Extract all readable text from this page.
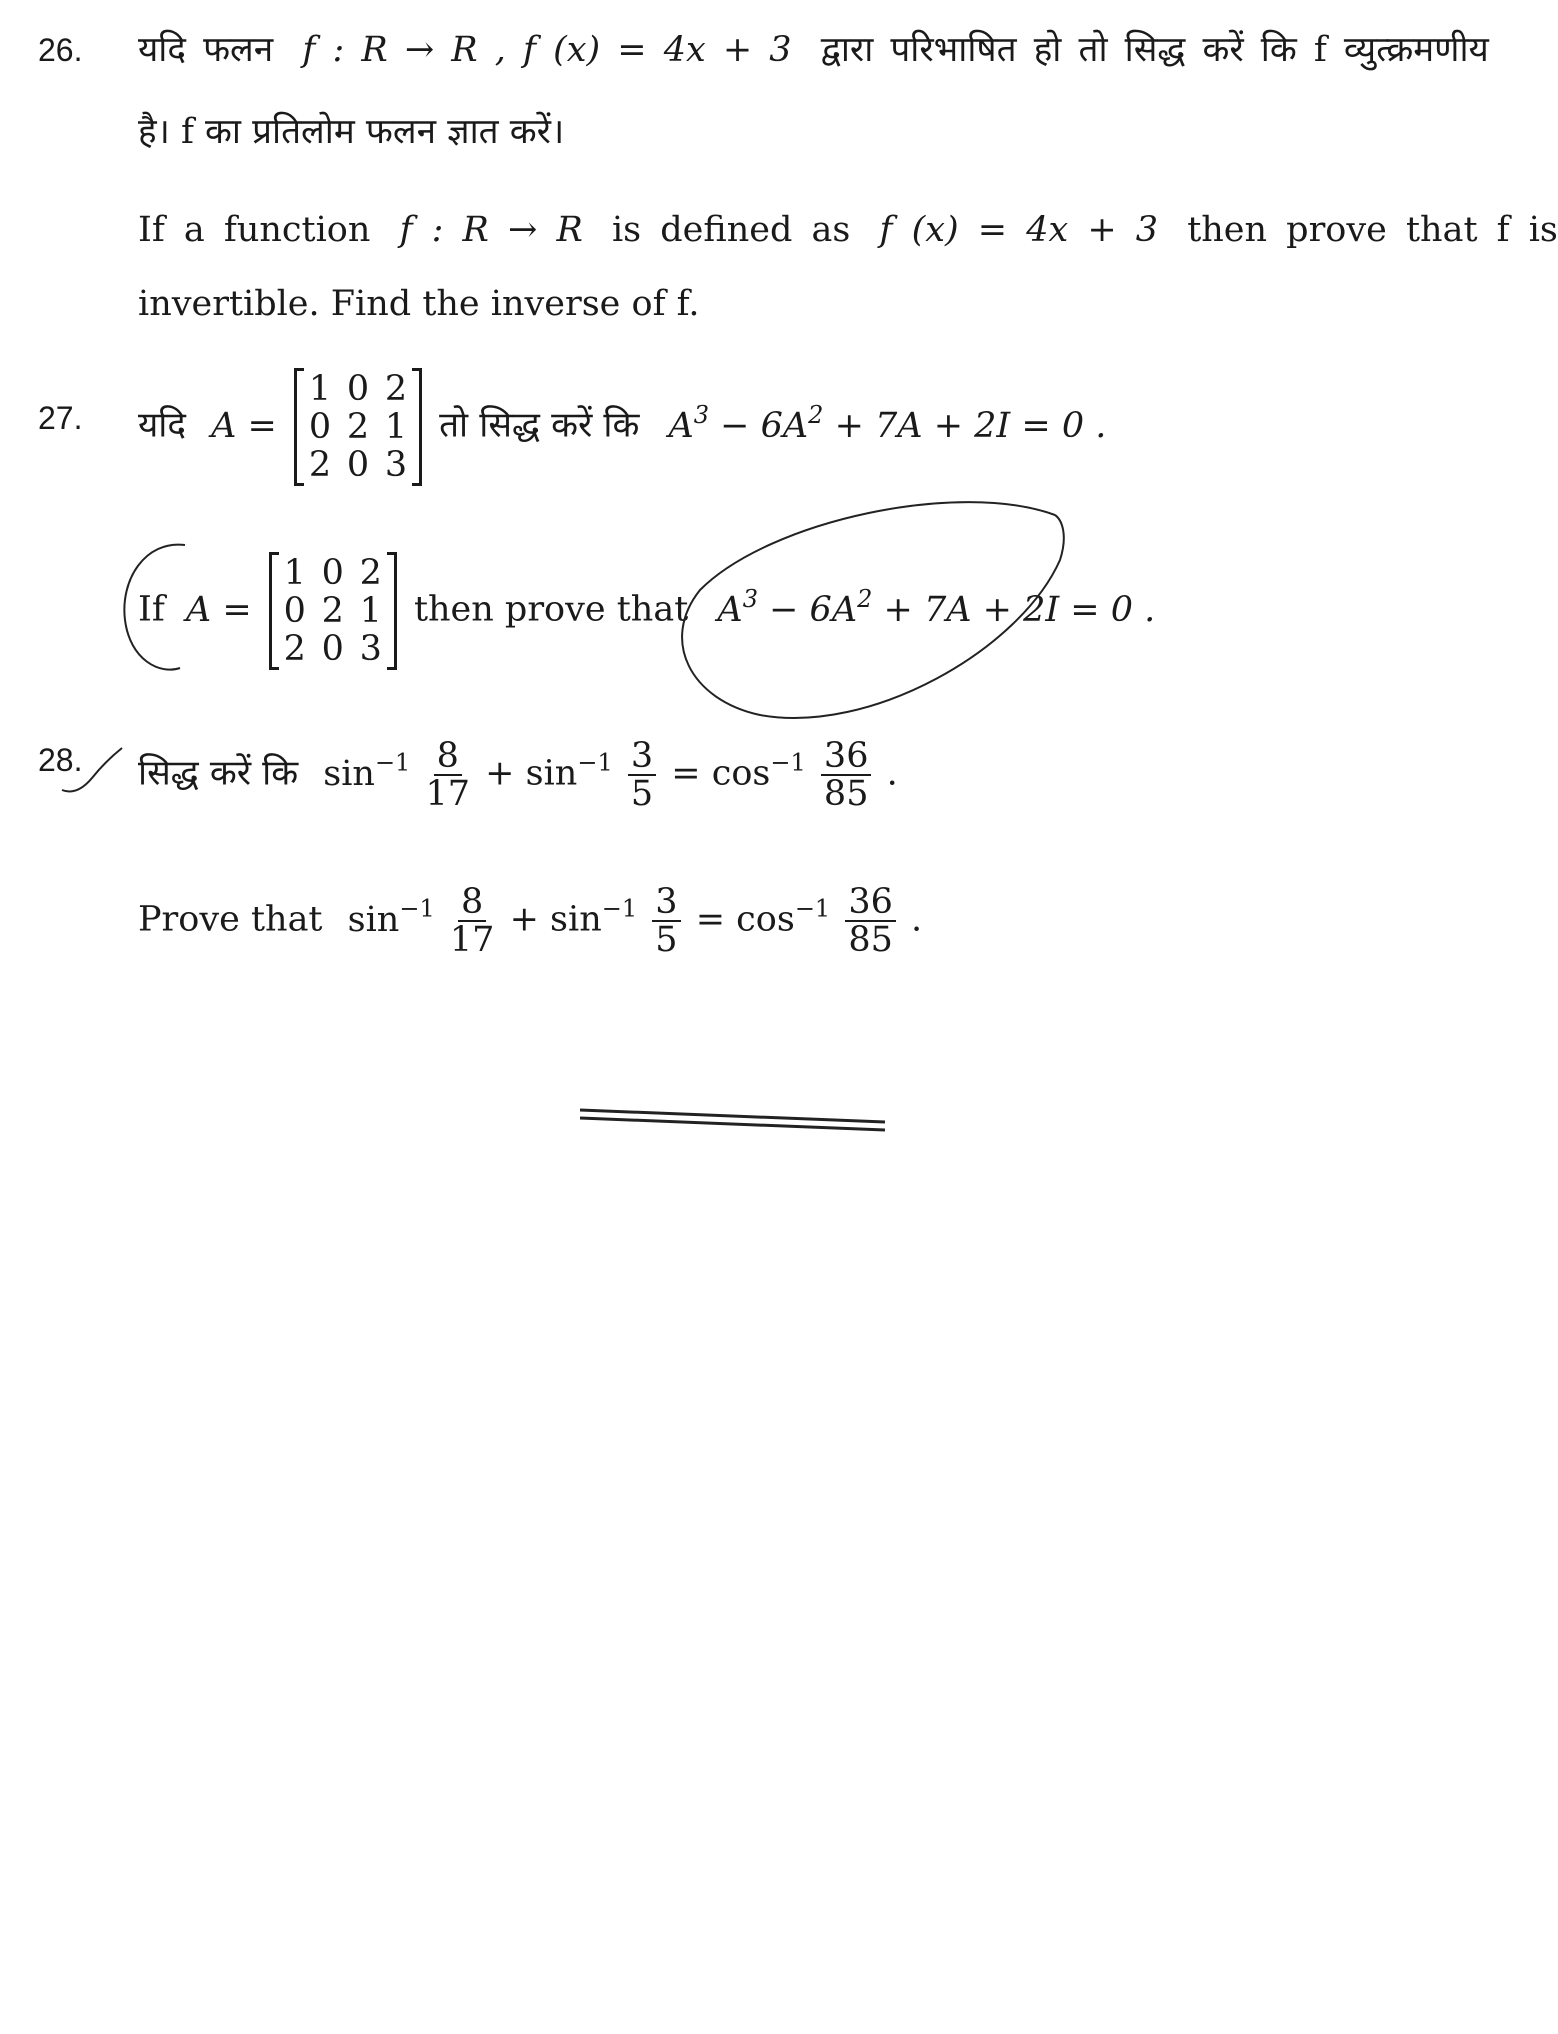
26. यदि फलन f : R → R , f (x) = 4x + 3 द्वारा परिभाषित हो तो सिद्ध करें कि f व्युत्क्रमणीय
है। f का प्रतिलोम फलन ज्ञात करें।
If a function f : R → R is defined as f (x) = 4x + 3 then prove that f is
invertible. Find the inverse of f.
27. यदि A =
1 0 2
0 2 1
2 0 3
तो सिद्ध करें कि $A^3 - 6A^2 + 7A + 2I = 0$ .
If A =
1 0 2
0 2 1
2 0 3
then prove that $A^3 - 6A^2 + 7A + 2I = 0$ .
28. सिद्ध करें कि $\sin^{-1} \frac{8}{17} + \sin^{-1} \frac{3}{5} = \cos^{-1} \frac{36}{85}$ .
Prove that $\sin^{-1} \frac{8}{17} + \sin^{-1} \frac{3}{5} = \cos^{-1} \frac{36}{85}$ .
